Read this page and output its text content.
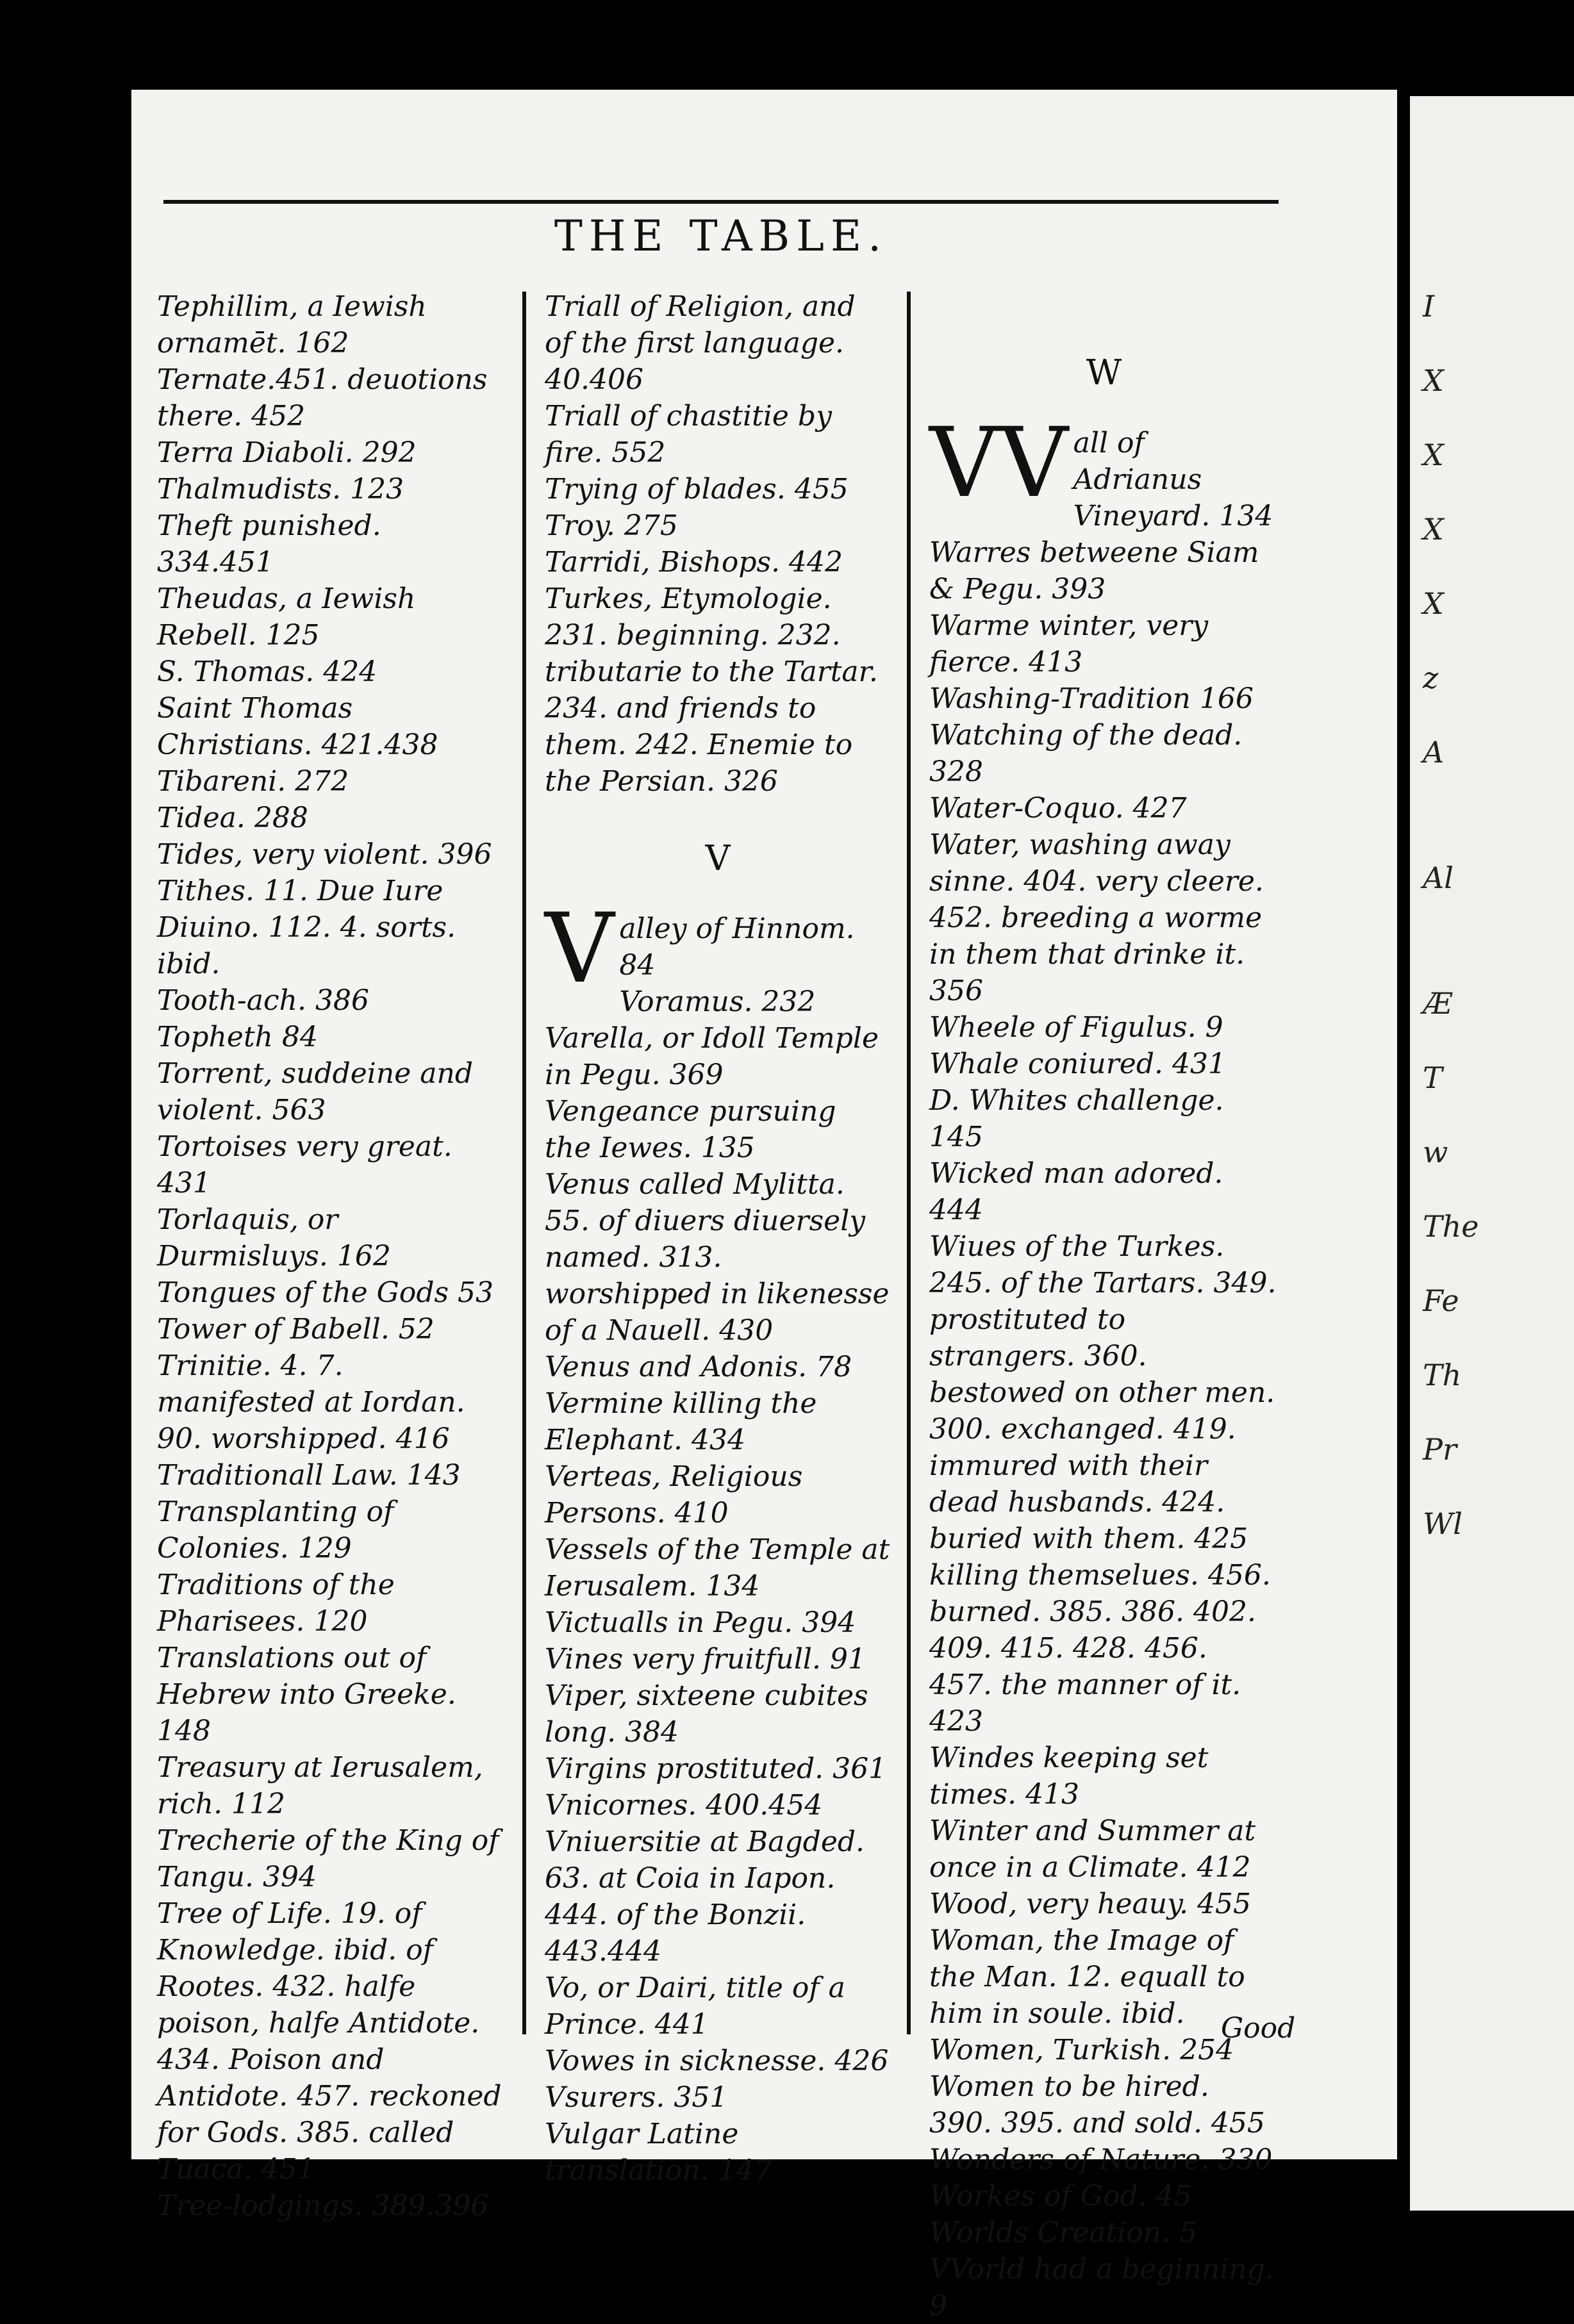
I
X
X
X
X
z
A
Al
Æ
T
w
The
Fe
Th
Pr
Wl
THE TABLE.
Tephillim, a Iewish ornamēt. 162
Ternate.451. deuotions there. 452
Terra Diaboli. 292
Thalmudists. 123
Theft punished. 334.451
Theudas, a Iewish Rebell. 125
S. Thomas. 424
Saint Thomas Christians. 421.438
Tibareni. 272
Tidea. 288
Tides, very violent. 396
Tithes. 11. Due Iure Diuino. 112. 4. sorts. ibid.
Tooth-ach. 386
Topheth 84
Torrent, suddeine and violent. 563
Tortoises very great. 431
Torlaquis, or Durmisluys. 162
Tongues of the Gods 53
Tower of Babell. 52
Trinitie. 4. 7. manifested at Iordan. 90. worshipped. 416
Traditionall Law. 143
Transplanting of Colonies. 129
Traditions of the Pharisees. 120
Translations out of Hebrew into Greeke. 148
Treasury at Ierusalem, rich. 112
Trecherie of the King of Tangu. 394
Tree of Life. 19. of Knowledge. ibid. of Rootes. 432. halfe poison, halfe Antidote. 434. Poison and Antidote. 457. reckoned for Gods. 385. called Tuaca. 451
Tree-lodgings. 389.396
Triall of Religion, and of the first language. 40.406
Triall of chastitie by fire. 552
Trying of blades. 455
Troy. 275
Tarridi, Bishops. 442
Turkes, Etymologie. 231. beginning. 232. tributarie to the Tartar. 234. and friends to them. 242. Enemie to the Persian. 326
V
V alley of Hinnom. 84
Voramus. 232
Varella, or Idoll Temple in Pegu. 369
Vengeance pursuing the Iewes. 135
Venus called Mylitta. 55. of diuers diuersely named. 313. worshipped in likenesse of a Nauell. 430
Venus and Adonis. 78
Vermine killing the Elephant. 434
Verteas, Religious Persons. 410
Vessels of the Temple at Ierusalem. 134
Victualls in Pegu. 394
Vines very fruitfull. 91
Viper, sixteene cubites long. 384
Virgins prostituted. 361
Vnicornes. 400.454
Vniuersitie at Bagded. 63. at Coia in Iapon. 444. of the Bonzii. 443.444
Vo, or Dairi, title of a Prince. 441
Vowes in sicknesse. 426
Vsurers. 351
Vulgar Latine translation. 147
W
VV all of Adrianus Vineyard. 134
Warres betweene Siam & Pegu. 393
Warme winter, very fierce. 413
Washing-Tradition 166
Watching of the dead. 328
Water-Coquo. 427
Water, washing away sinne. 404. very cleere. 452. breeding a worme in them that drinke it. 356
Wheele of Figulus. 9
Whale coniured. 431
D. Whites challenge. 145
Wicked man adored. 444
Wiues of the Turkes. 245. of the Tartars. 349. prostituted to strangers. 360. bestowed on other men. 300. exchanged. 419. immured with their dead husbands. 424. buried with them. 425 killing themselues. 456. burned. 385. 386. 402. 409. 415. 428. 456. 457. the manner of it. 423
Windes keeping set times. 413
Winter and Summer at once in a Climate. 412
Wood, very heauy. 455
Woman, the Image of the Man. 12. equall to him in soule. ibid.
Women, Turkish. 254
Women to be hired. 390. 395. and sold. 455
Wonders of Nature. 330
Workes of God. 45
Worlds Creation. 5
VVorld had a beginning. 9
Good
